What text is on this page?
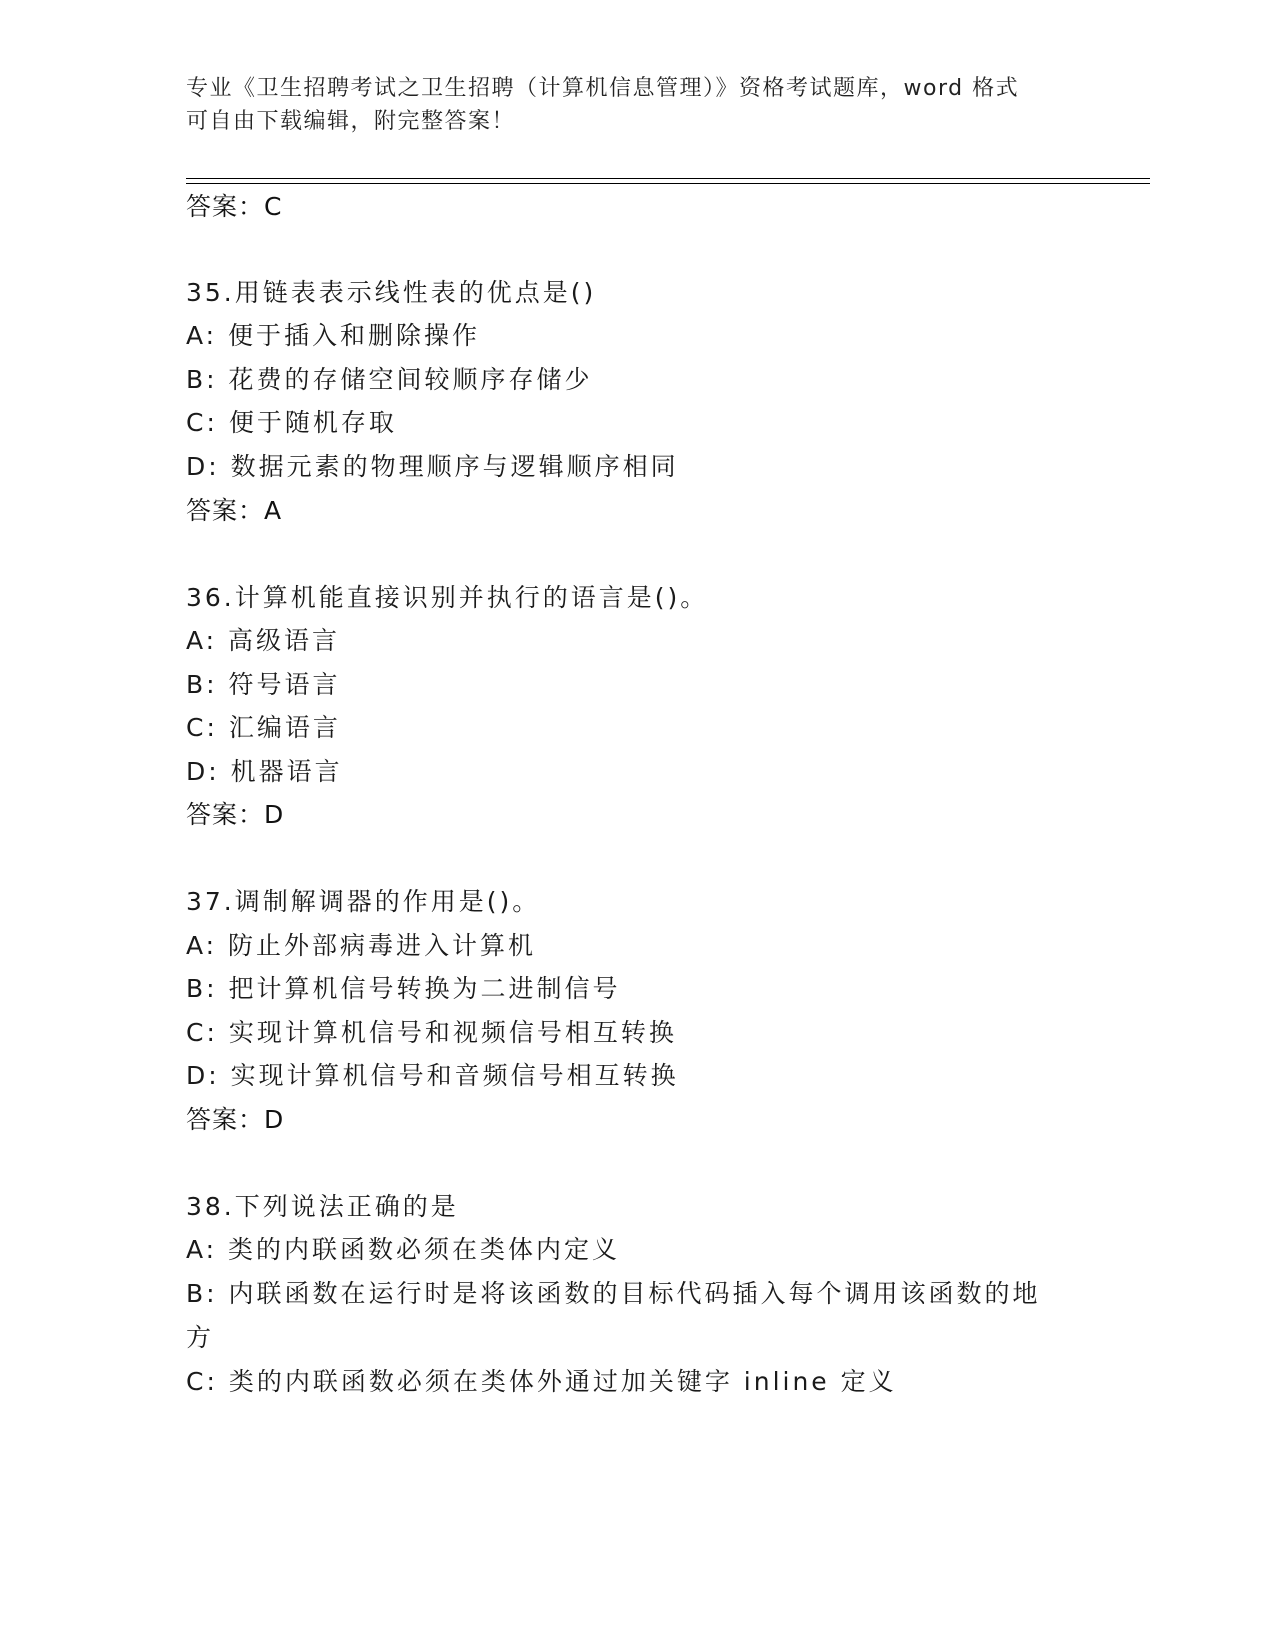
专业《卫生招聘考试之卫生招聘（计算机信息管理）》资格考试题库，word 格式
可自由下载编辑，附完整答案！
答案：C
35.用链表表示线性表的优点是()
A: 便于插入和删除操作
B: 花费的存储空间较顺序存储少
C: 便于随机存取
D: 数据元素的物理顺序与逻辑顺序相同
答案：A
36.计算机能直接识别并执行的语言是()。
A: 高级语言
B: 符号语言
C: 汇编语言
D: 机器语言
答案：D
37.调制解调器的作用是()。
A: 防止外部病毒进入计算机
B: 把计算机信号转换为二进制信号
C: 实现计算机信号和视频信号相互转换
D: 实现计算机信号和音频信号相互转换
答案：D
38.下列说法正确的是
A: 类的内联函数必须在类体内定义
B: 内联函数在运行时是将该函数的目标代码插入每个调用该函数的地
方
C: 类的内联函数必须在类体外通过加关键字 inline 定义
